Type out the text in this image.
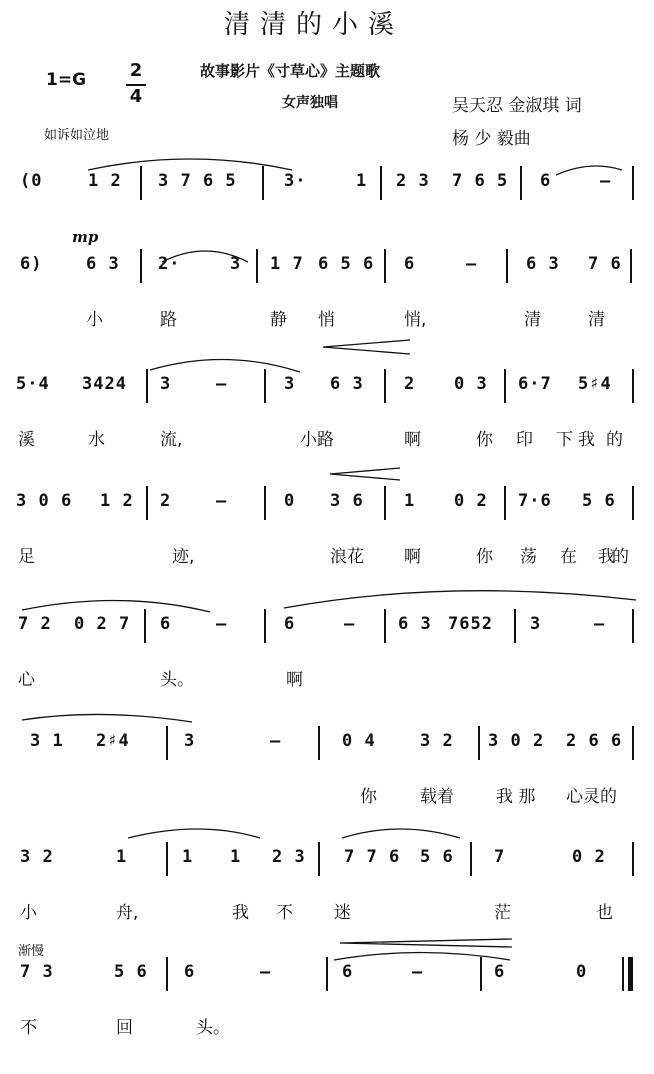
清清的小溪
1=G 2
4
故事影片《寸草心》主题歌
女声独唱	吴天忍 金淑琪 词
如诉如泣地	杨 少 毅曲
mp
渐慢
(0	1 2 3 7 6 5	3·	1 2 3 7 6 5 6	—
6)	6 3 2·	3 1 7 6 5 6 6	—	6 3 7 6
小	路	静 悄	悄,	清	清
5·4 3424 3	—	3 6 3 2 0 3 6·7 5♯4
溪	水	流,	小路	啊	你 印 下 我 的
3 0 6 1 2 2	—	0 3 6 1 0 2 7·6 5 6
足	迹,	浪花 啊	你 荡 在 我
的
7 2 0 2 7 6	—	6	—	6 3 7652 3	—
心	头。	啊
3 1 2♯4	3	—	0 4	3 2 3 0 2 2 6 6
你	载着 我 那 心灵的
3 2	1	1 1 2 3 7 7 6 5 6 7	0 2
小	舟,	我 不 迷	茫	也
7 3	5 6 6	—	6	—	6	0
不	回	头。
